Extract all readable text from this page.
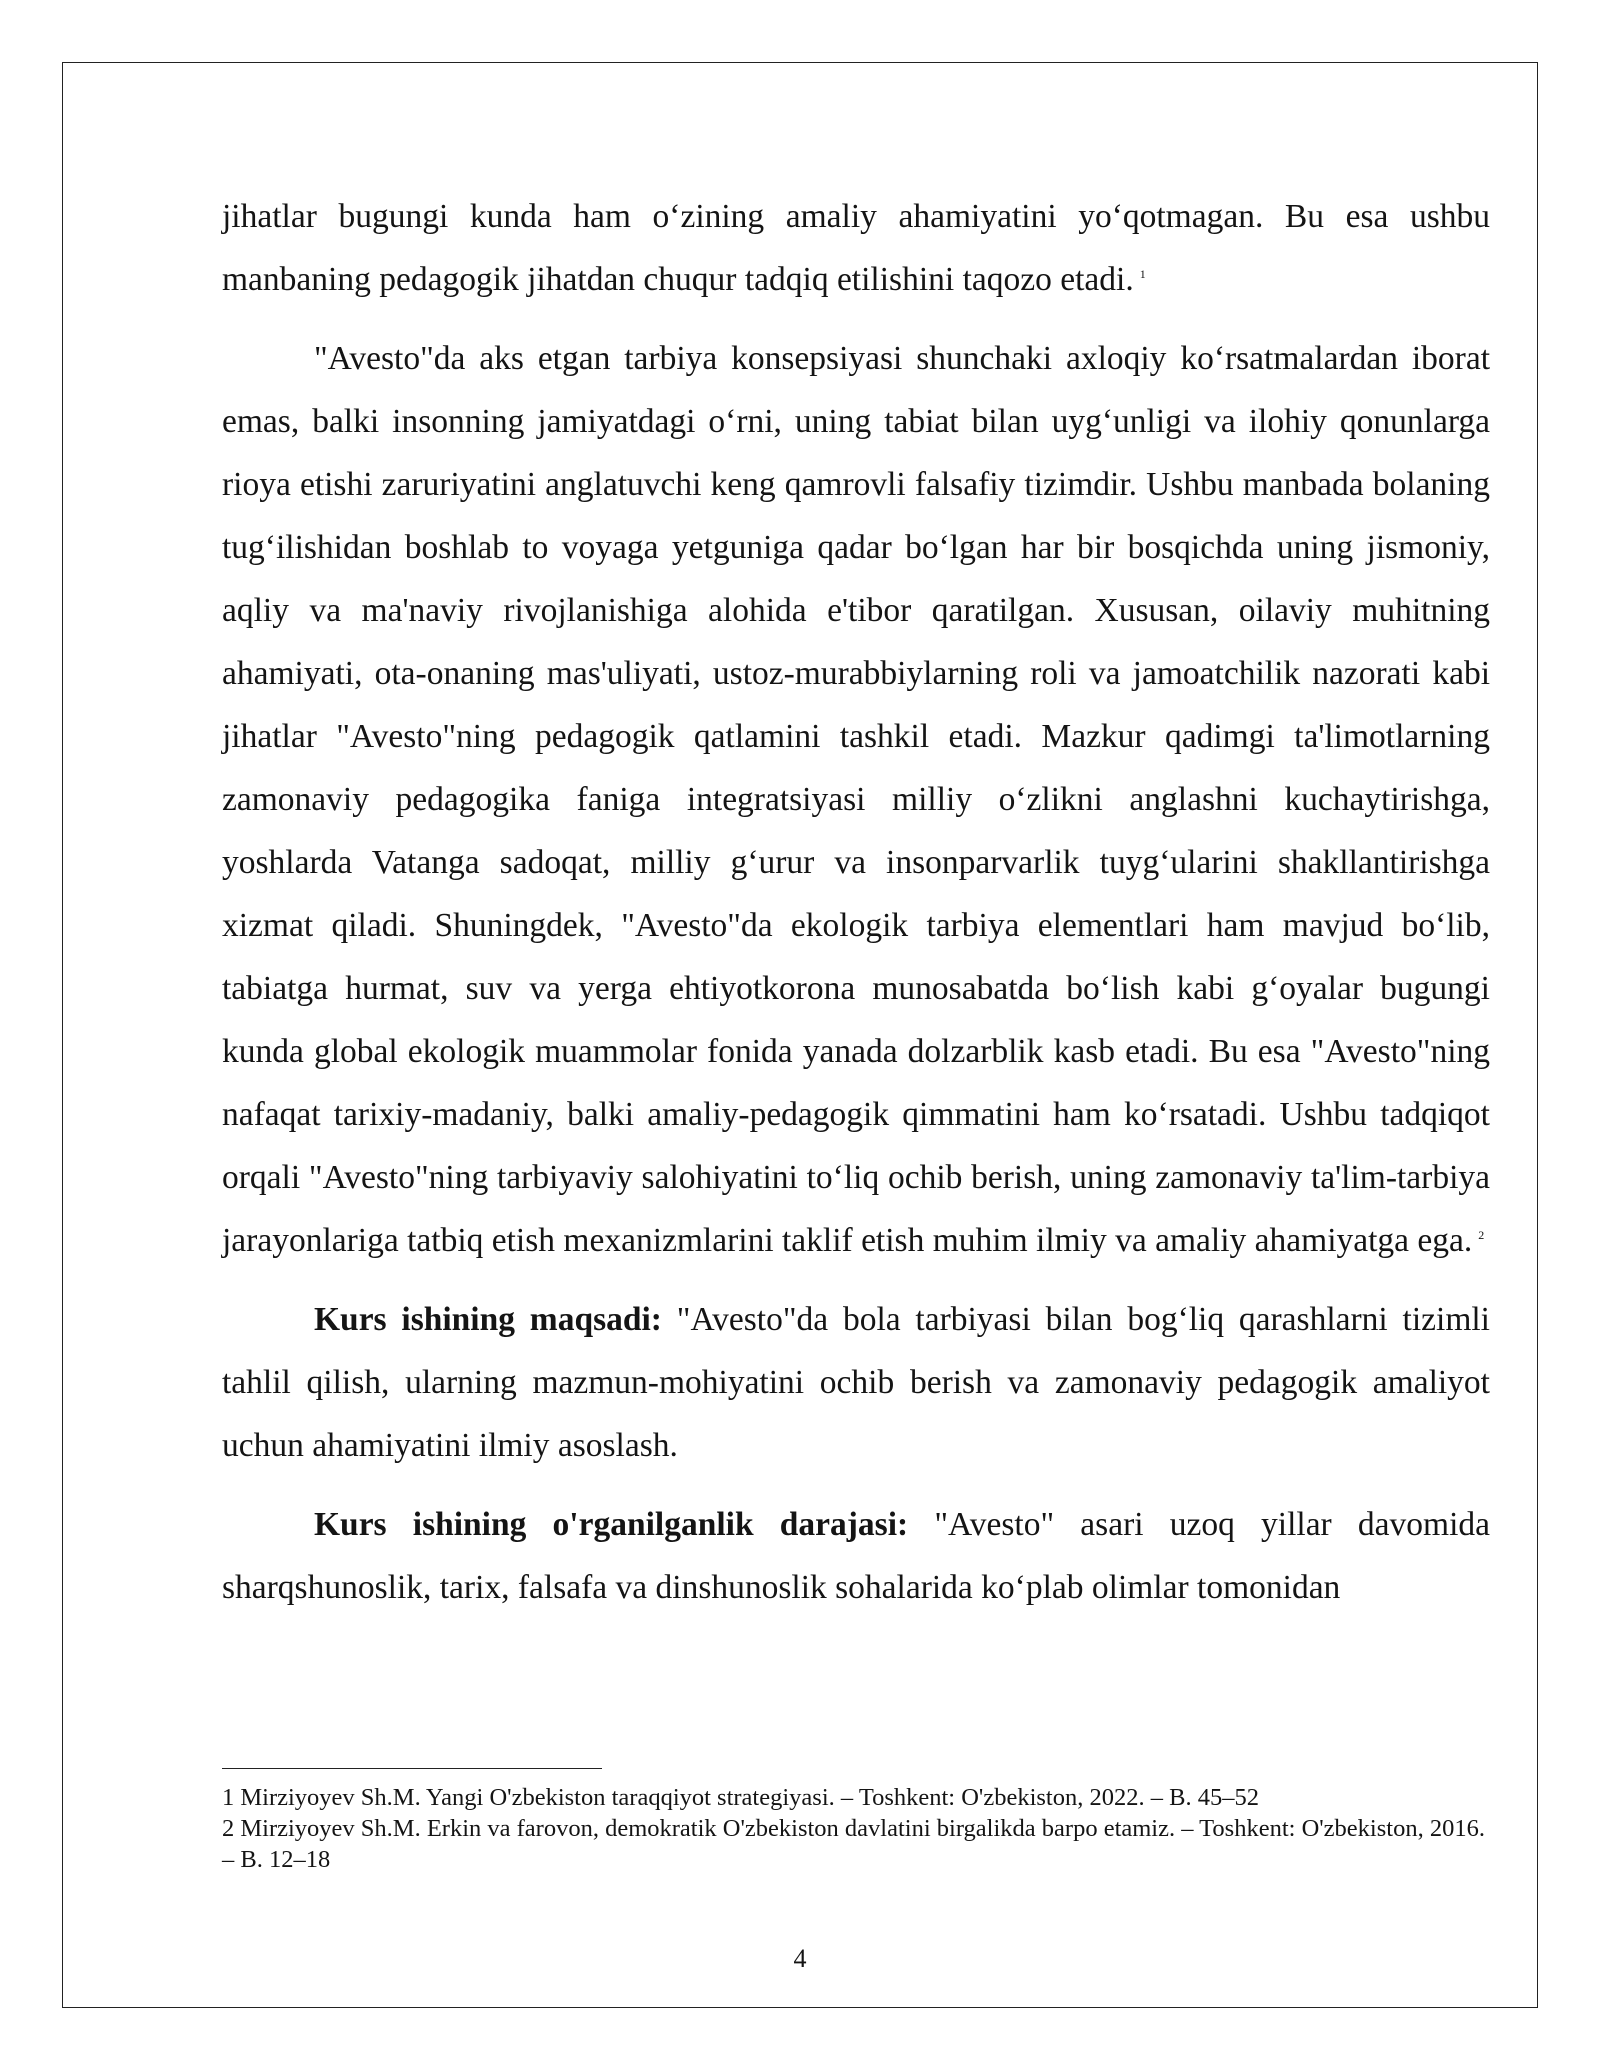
jihatlar bugungi kunda ham o‘zining amaliy ahamiyatini yo‘qotmagan. Bu esa ushbu manbaning pedagogik jihatdan chuqur tadqiq etilishini taqozo etadi. $^1$

"Avesto"da aks etgan tarbiya konsepsiyasi shunchaki axloqiy ko‘rsatmalardan iborat emas, balki insonning jamiyatdagi o‘rni, uning tabiat bilan uyg‘unligi va ilohiy qonunlarga rioya etishi zaruriyatini anglatuvchi keng qamrovli falsafiy tizimdir. Ushbu manbada bolaning tug‘ilishidan boshlab to voyaga yetguniga qadar bo‘lgan har bir bosqichda uning jismoniy, aqliy va ma'naviy rivojlanishiga alohida e'tibor qaratilgan. Xususan, oilaviy muhitning ahamiyati, ota-onaning mas'uliyati, ustoz-murabbiylarning roli va jamoatchilik nazorati kabi jihatlar "Avesto"ning pedagogik qatlamini tashkil etadi. Mazkur qadimgi ta'limotlarning zamonaviy pedagogika faniga integratsiyasi milliy o‘zlikni anglashni kuchaytirishga, yoshlarda Vatanga sadoqat, milliy g‘urur va insonparvarlik tuyg‘ularini shakllantirishga xizmat qiladi. Shuningdek, "Avesto"da ekologik tarbiya elementlari ham mavjud bo‘lib, tabiatga hurmat, suv va yerga ehtiyotkorona munosabatda bo‘lish kabi g‘oyalar bugungi kunda global ekologik muammolar fonida yanada dolzarblik kasb etadi. Bu esa "Avesto"ning nafaqat tarixiy-madaniy, balki amaliy-pedagogik qimmatini ham ko‘rsatadi. Ushbu tadqiqot orqali "Avesto"ning tarbiyaviy salohiyatini to‘liq ochib berish, uning zamonaviy ta'lim-tarbiya jarayonlariga tatbiq etish mexanizmlarini taklif etish muhim ilmiy va amaliy ahamiyatga ega. $^2$

Kurs ishining maqsadi: "Avesto"da bola tarbiyasi bilan bog‘liq qarashlarni tizimli tahlil qilish, ularning mazmun-mohiyatini ochib berish va zamonaviy pedagogik amaliyot uchun ahamiyatini ilmiy asoslash.

Kurs ishining o'rganilganlik darajasi: "Avesto" asari uzoq yillar davomida sharqshunoslik, tarix, falsafa va dinshunoslik sohalarida ko‘plab olimlar tomonidan

1 Mirziyoyev Sh.M. Yangi O'zbekiston taraqqiyot strategiyasi. – Toshkent: O'zbekiston, 2022. – B. 45–52

2 Mirziyoyev Sh.M. Erkin va farovon, demokratik O'zbekiston davlatini birgalikda barpo etamiz. – Toshkent: O'zbekiston, 2016. – B. 12–18

4
